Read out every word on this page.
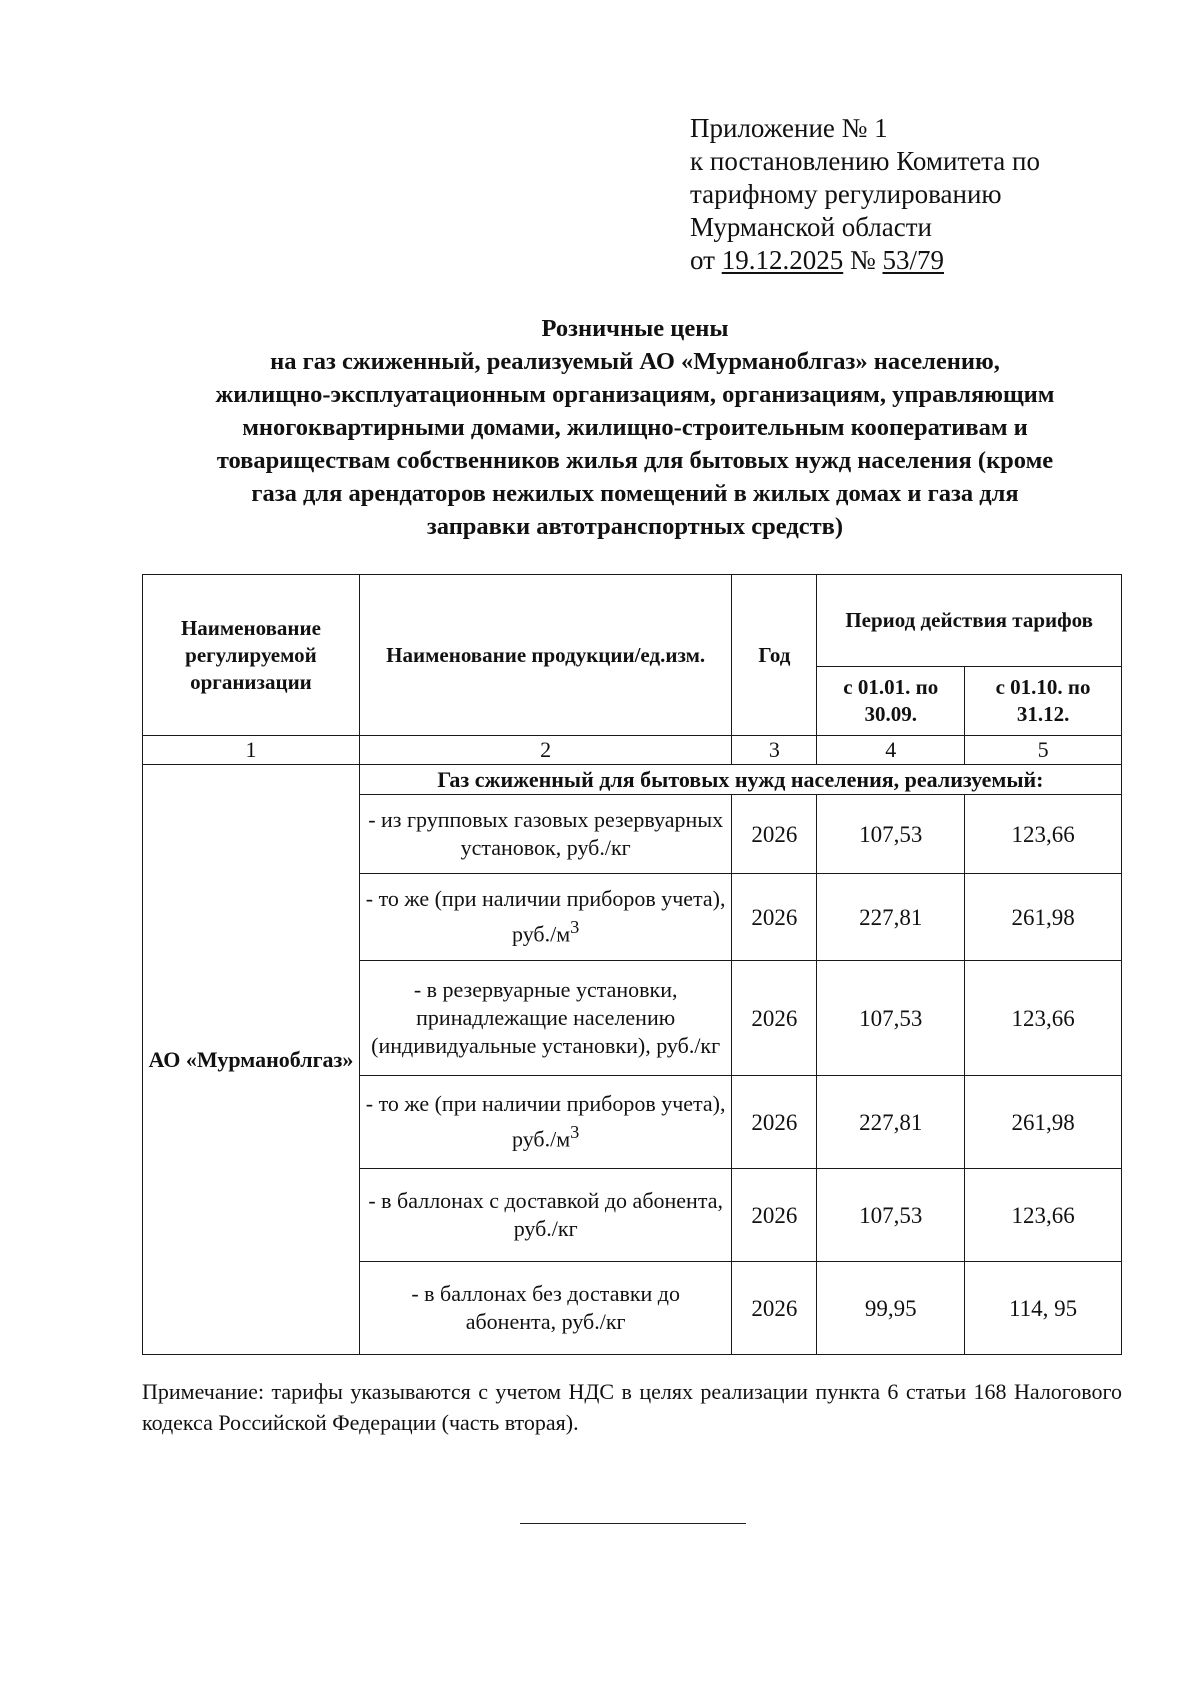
Приложение № 1
к постановлению Комитета по
тарифному регулированию
Мурманской области
от 19.12.2025 № 53/79
Розничные цены
на газ сжиженный, реализуемый АО «Мурманоблгаз» населению,
жилищно-эксплуатационным организациям, организациям, управляющим
многоквартирными домами, жилищно-строительным кооперативам и
товариществам собственников жилья для бытовых нужд населения (кроме
газа для арендаторов нежилых помещений в жилых домах и газа для
заправки автотранспортных средств)
Наименование регулируемой организации	Наименование продукции/ед.изм.	Год	Период действия тарифов	
			с 01.01. по 30.09.	с 01.10. по 31.12.
1	2	3	4	5
АО «Мурманоблгаз»	Газ сжиженный для бытовых нужд населения, реализуемый:			
	- из групповых газовых резервуарных установок, руб./кг	2026	107,53	123,66
	- то же (при наличии приборов учета), $руб./м^3$	2026	227,81	261,98
	- в резервуарные установки, принадлежащие населению (индивидуальные установки), руб./кг	2026	107,53	123,66
	- то же (при наличии приборов учета), $руб./м^3$	2026	227,81	261,98
	- в баллонах с доставкой до абонента, руб./кг	2026	107,53	123,66
	- в баллонах без доставки до абонента, руб./кг	2026	99,95	114, 95
Примечание: тарифы указываются с учетом НДС в целях реализации пункта 6 статьи 168 Налогового кодекса Российской Федерации (часть вторая).
